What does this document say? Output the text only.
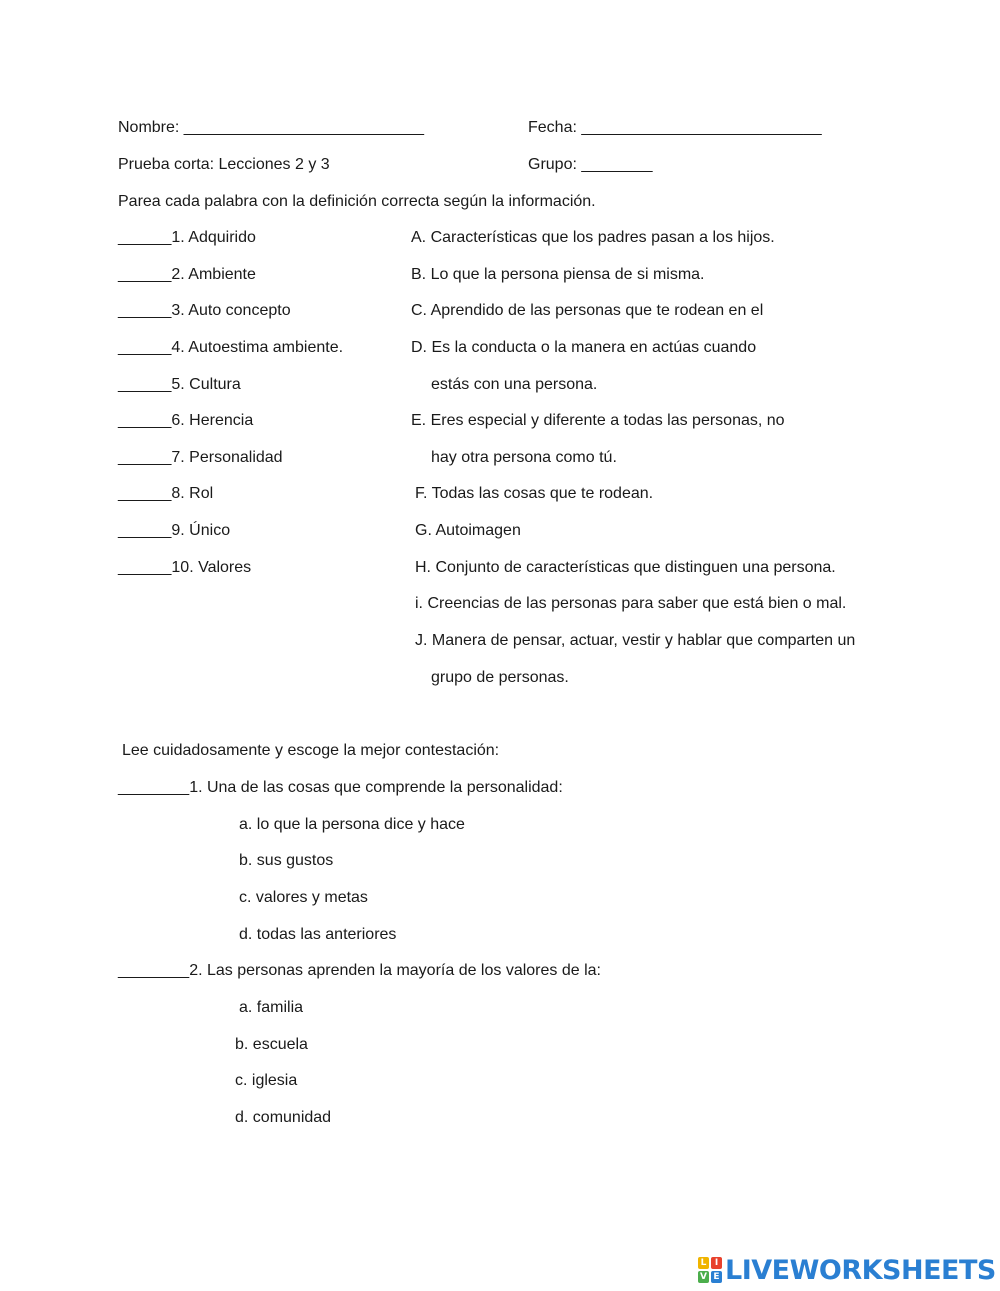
Nombre: ___________________________	Fecha: ___________________________
Prueba corta: Lecciones 2 y 3	Grupo: ________
Parea cada palabra con la definición correcta según la información.
______1. Adquirido
______2. Ambiente
______3. Auto concepto
______4. Autoestima ambiente.
______5. Cultura
______6. Herencia
______7. Personalidad
______8. Rol
______9. Único
______10. Valores
A. Características que los padres pasan a los hijos.
B. Lo que la persona piensa de si misma.
C. Aprendido de las personas que te rodean en el
D. Es la conducta o la manera en actúas cuando
estás con una persona.
E. Eres especial y diferente a todas las personas, no
hay otra persona como tú.
F. Todas las cosas que te rodean.
G. Autoimagen
H. Conjunto de características que distinguen una persona.
i. Creencias de las personas para saber que está bien o mal.
J. Manera de pensar, actuar, vestir y hablar que comparten un
grupo de personas.
Lee cuidadosamente y escoge la mejor contestación:
________1. Una de las cosas que comprende la personalidad:
a. lo que la persona dice y hace
b. sus gustos
c. valores y metas
d. todas las anteriores
________2. Las personas aprenden la mayoría de los valores de la:
a. familia
b. escuela
c. iglesia
d. comunidad
L I
V E LIVEWORKSHEETS
